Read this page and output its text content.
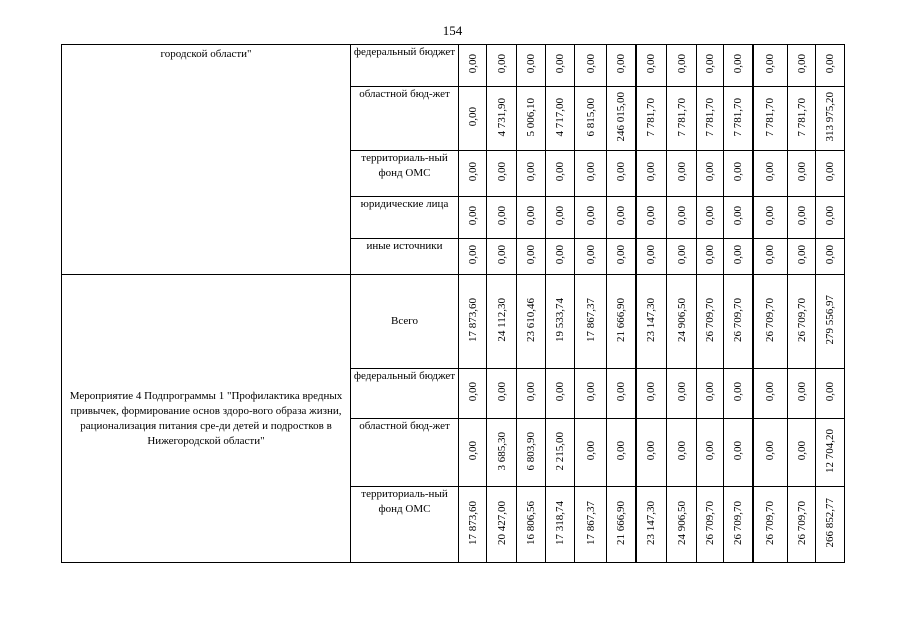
154
городской области"	федеральный бюджет	0,00	0,00	0,00	0,00	0,00	0,00	0,00	0,00	0,00	0,00	0,00	0,00	0,00
	областной бюд-жет	0,00	4 731,90	5 006,10	4 717,00	6 815,00	246 015,00	7 781,70	7 781,70	7 781,70	7 781,70	7 781,70	7 781,70	313 975,20
	территориаль-ный фонд ОМС	0,00	0,00	0,00	0,00	0,00	0,00	0,00	0,00	0,00	0,00	0,00	0,00	0,00
	юридические лица	0,00	0,00	0,00	0,00	0,00	0,00	0,00	0,00	0,00	0,00	0,00	0,00	0,00
	иные источники	0,00	0,00	0,00	0,00	0,00	0,00	0,00	0,00	0,00	0,00	0,00	0,00	0,00
Мероприятие 4 Подпрограммы 1 "Профилактика вредных привычек, формирование основ здоро-вого образа жизни, рационализация питания сре-ди детей и подростков в Нижегородской области"	Всего	17 873,60	24 112,30	23 610,46	19 533,74	17 867,37	21 666,90	23 147,30	24 906,50	26 709,70	26 709,70	26 709,70	26 709,70	279 556,97
	федеральный бюджет	0,00	0,00	0,00	0,00	0,00	0,00	0,00	0,00	0,00	0,00	0,00	0,00	0,00
	областной бюд-жет	0,00	3 685,30	6 803,90	2 215,00	0,00	0,00	0,00	0,00	0,00	0,00	0,00	0,00	12 704,20
	территориаль-ный фонд ОМС	17 873,60	20 427,00	16 806,56	17 318,74	17 867,37	21 666,90	23 147,30	24 906,50	26 709,70	26 709,70	26 709,70	26 709,70	266 852,77
